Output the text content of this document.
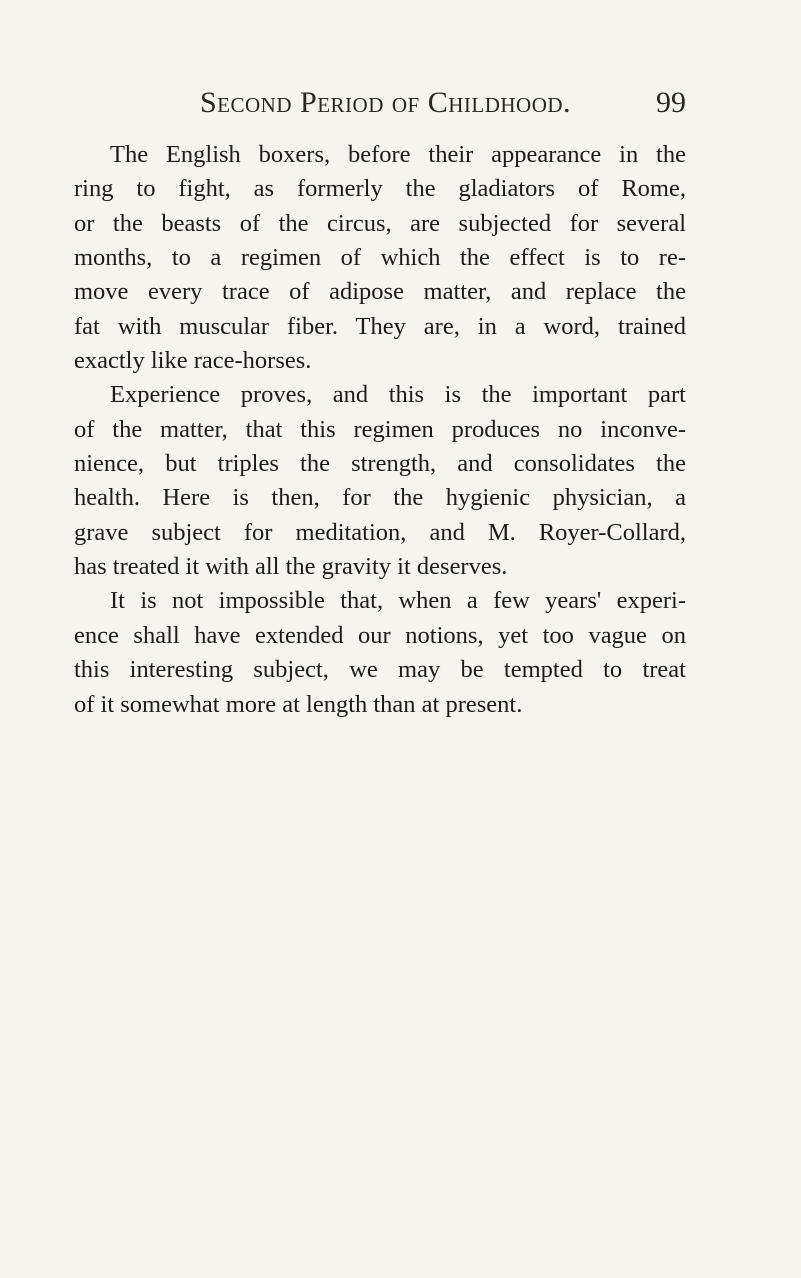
Second Period of Childhood.	99
The English boxers, before their appearance in the
ring to fight, as formerly the gladiators of Rome,
or the beasts of the circus, are subjected for several
months, to a regimen of which the effect is to re-
move every trace of adipose matter, and replace the
fat with muscular fiber. They are, in a word, trained
exactly like race-horses.
Experience proves, and this is the important part
of the matter, that this regimen produces no inconve-
nience, but triples the strength, and consolidates the
health. Here is then, for the hygienic physician, a
grave subject for meditation, and M. Royer-Collard,
has treated it with all the gravity it deserves.
It is not impossible that, when a few years' experi-
ence shall have extended our notions, yet too vague on
this interesting subject, we may be tempted to treat
of it somewhat more at length than at present.
